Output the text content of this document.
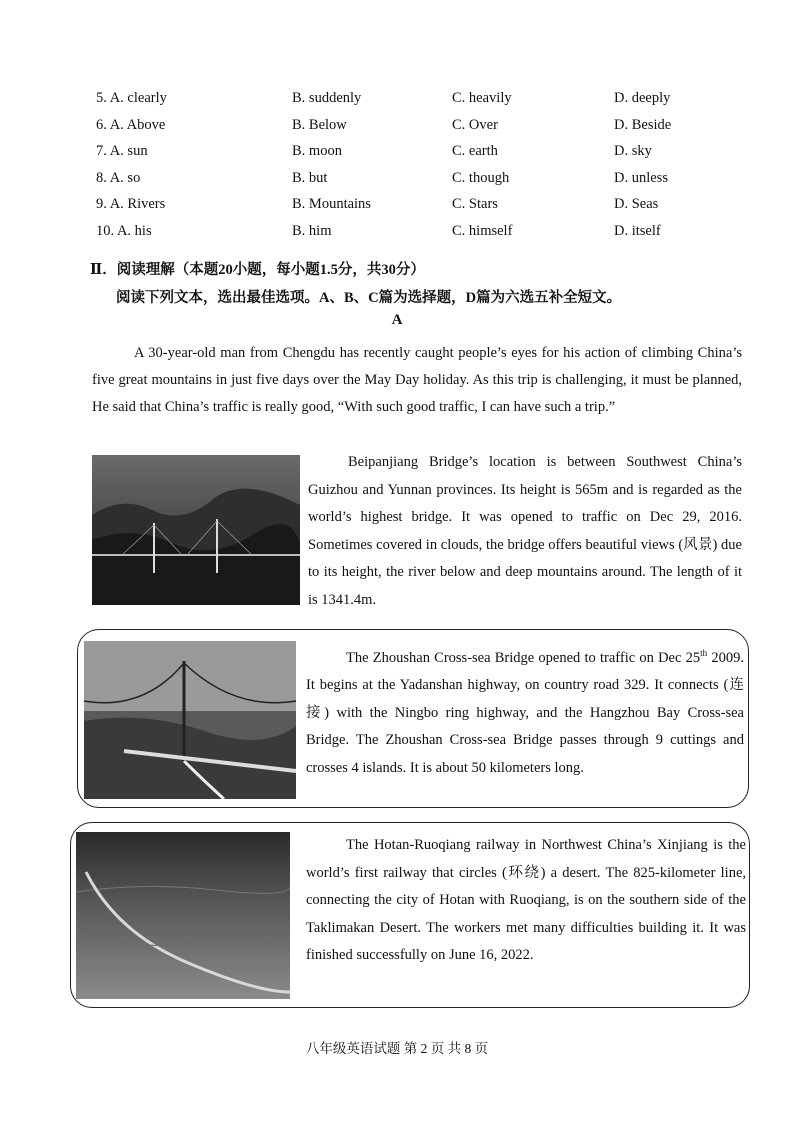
5. A. clearly	B. suddenly	C. heavily	D. deeply
6. A. Above	B. Below	C. Over	D. Beside
7. A. sun	B. moon	C. earth	D. sky
8. A. so	B. but	C. though	D. unless
9. A. Rivers	B. Mountains	C. Stars	D. Seas
10. A. his	B. him	C. himself	D. itself
Ⅱ．阅读理解（本题20小题，每小题1.5分，共30分）
阅读下列文本，选出最佳选项。A、B、C篇为选择题，D篇为六选五补全短文。
A

A 30-year-old man from Chengdu has recently caught people’s eyes for his action of climbing China’s five great mountains in just five days over the May Day holiday. As this trip is challenging, it must be planned, He said that China’s traffic is really good, “With such good traffic, I can have such a trip.”

Beipanjiang Bridge’s location is between Southwest China’s Guizhou and Yunnan provinces. Its height is 565m and is regarded as the world’s highest bridge. It was opened to traffic on Dec 29, 2016. Sometimes covered in clouds, the bridge offers beautiful views (风景) due to its height, the river below and deep mountains around. The length of it is 1341.4m.

The Zhoushan Cross-sea Bridge opened to traffic on Dec 25th 2009. It begins at the Yadanshan highway, on country road 329. It connects (连接) with the Ningbo ring highway, and the Hangzhou Bay Cross-sea Bridge. The Zhoushan Cross-sea Bridge passes through 9 cuttings and crosses 4 islands. It is about 50 kilometers long.

The Hotan-Ruoqiang railway in Northwest China’s Xinjiang is the world’s first railway that circles (环绕) a desert. The 825-kilometer line, connecting the city of Hotan with Ruoqiang, is on the southern side of the Taklimakan Desert. The workers met many difficulties building it. It was finished successfully on June 16, 2022.

八年级英语试题 第 2 页 共 8 页
